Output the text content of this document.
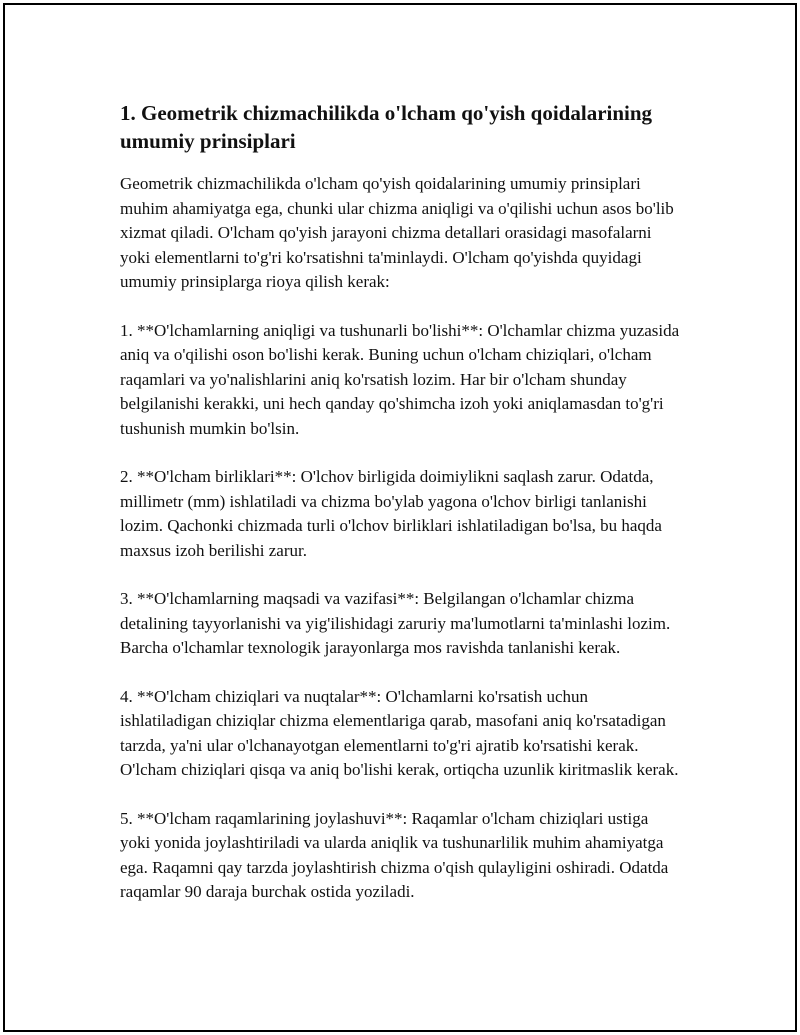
1. Geometrik chizmachilikda o'lcham qo'yish qoidalarining umumiy prinsiplari

Geometrik chizmachilikda o'lcham qo'yish qoidalarining umumiy prinsiplari muhim ahamiyatga ega, chunki ular chizma aniqligi va o'qilishi uchun asos bo'lib xizmat qiladi. O'lcham qo'yish jarayoni chizma detallari orasidagi masofalarni yoki elementlarni to'g'ri ko'rsatishni ta'minlaydi. O'lcham qo'yishda quyidagi umumiy prinsiplarga rioya qilish kerak:

1. **O'lchamlarning aniqligi va tushunarli bo'lishi**: O'lchamlar chizma yuzasida aniq va o'qilishi oson bo'lishi kerak. Buning uchun o'lcham chiziqlari, o'lcham raqamlari va yo'nalishlarini aniq ko'rsatish lozim. Har bir o'lcham shunday belgilanishi kerakki, uni hech qanday qo'shimcha izoh yoki aniqlamasdan to'g'ri tushunish mumkin bo'lsin.

2. **O'lcham birliklari**: O'lchov birligida doimiylikni saqlash zarur. Odatda, millimetr (mm) ishlatiladi va chizma bo'ylab yagona o'lchov birligi tanlanishi lozim. Qachonki chizmada turli o'lchov birliklari ishlatiladigan bo'lsa, bu haqda maxsus izoh berilishi zarur.

3. **O'lchamlarning maqsadi va vazifasi**: Belgilangan o'lchamlar chizma detalining tayyorlanishi va yig'ilishidagi zaruriy ma'lumotlarni ta'minlashi lozim. Barcha o'lchamlar texnologik jarayonlarga mos ravishda tanlanishi kerak.

4. **O'lcham chiziqlari va nuqtalar**: O'lchamlarni ko'rsatish uchun ishlatiladigan chiziqlar chizma elementlariga qarab, masofani aniq ko'rsatadigan tarzda, ya'ni ular o'lchanayotgan elementlarni to'g'ri ajratib ko'rsatishi kerak. O'lcham chiziqlari qisqa va aniq bo'lishi kerak, ortiqcha uzunlik kiritmaslik kerak.

5. **O'lcham raqamlarining joylashuvi**: Raqamlar o'lcham chiziqlari ustiga yoki yonida joylashtiriladi va ularda aniqlik va tushunarlilik muhim ahamiyatga ega. Raqamni qay tarzda joylashtirish chizma o'qish qulayligini oshiradi. Odatda raqamlar 90 daraja burchak ostida yoziladi.
